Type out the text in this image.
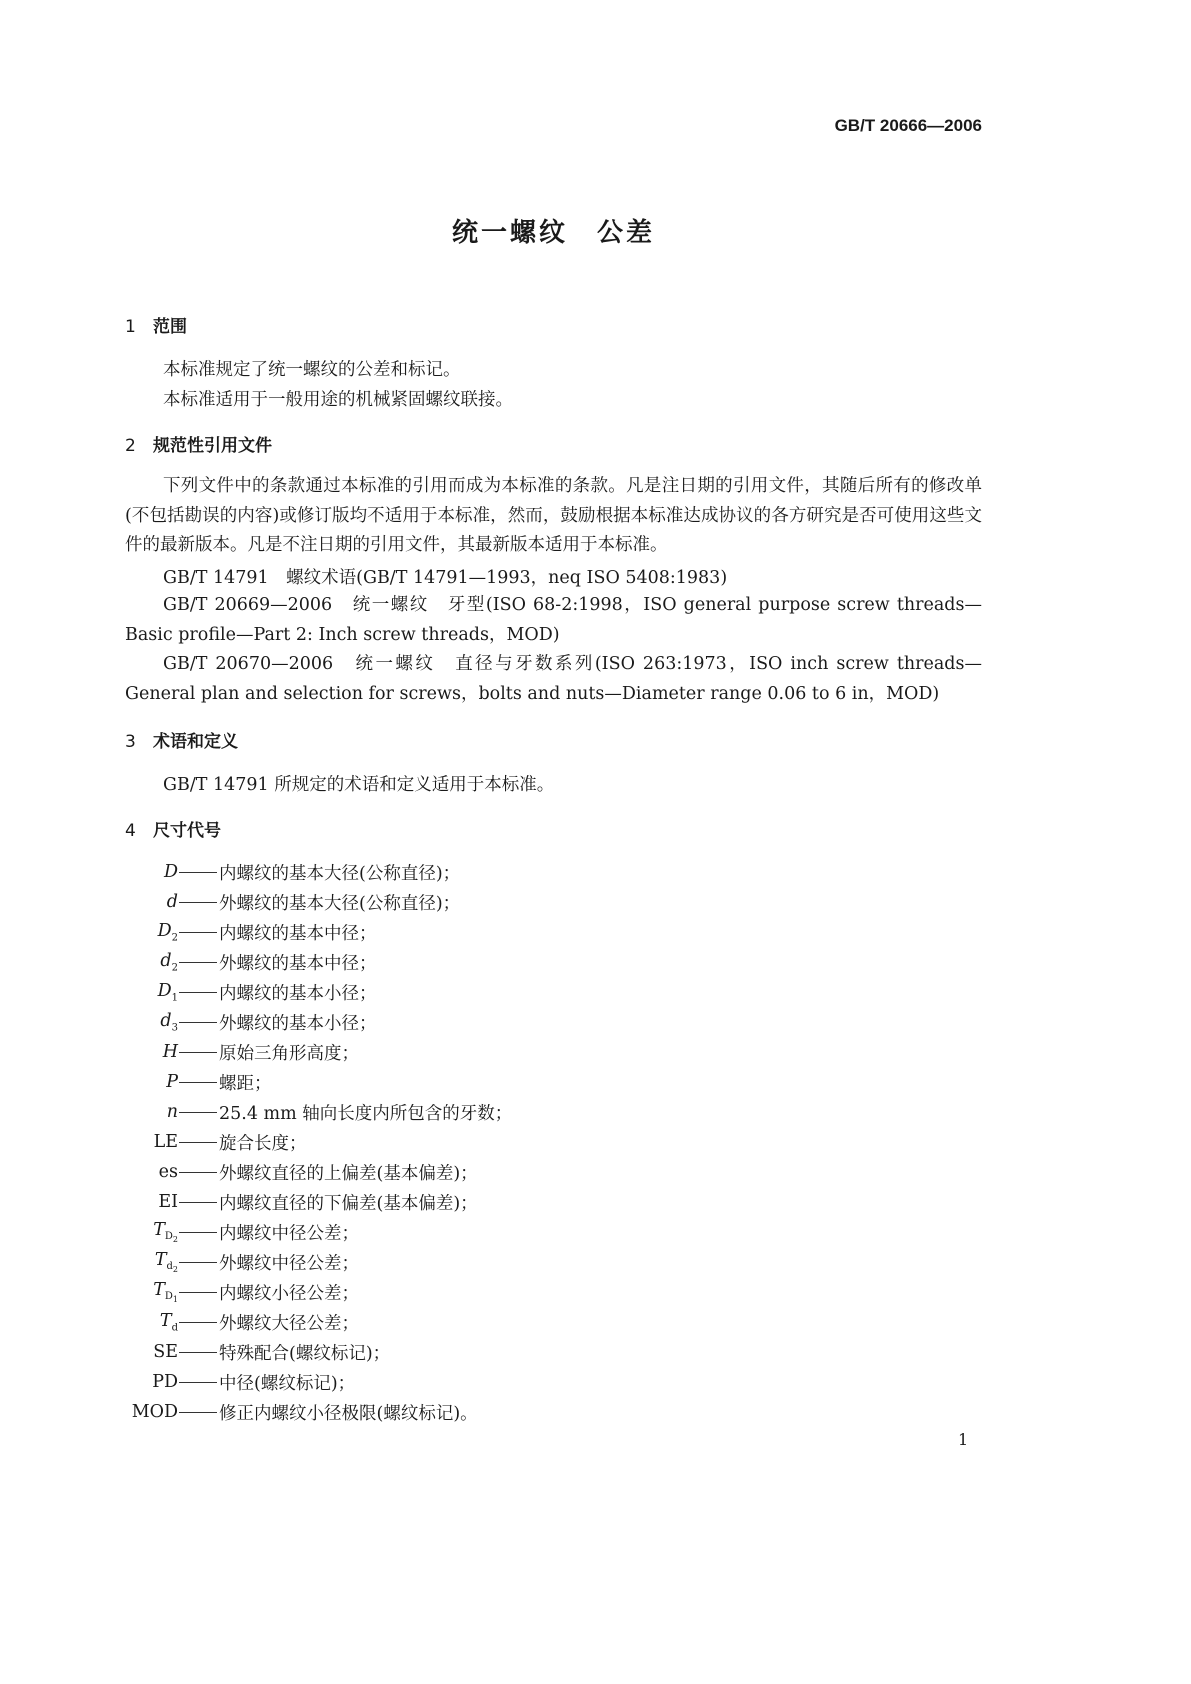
GB/T 20666—2006
统一螺纹　公差
1 范围
本标准规定了统一螺纹的公差和标记。
本标准适用于一般用途的机械紧固螺纹联接。
2 规范性引用文件
下列文件中的条款通过本标准的引用而成为本标准的条款。凡是注日期的引用文件，其随后所有的修改单(不包括勘误的内容)或修订版均不适用于本标准，然而，鼓励根据本标准达成协议的各方研究是否可使用这些文件的最新版本。凡是不注日期的引用文件，其最新版本适用于本标准。
GB/T 14791　螺纹术语(GB/T 14791—1993，neq ISO 5408:1983)
GB/T 20669—2006　统一螺纹　牙型(ISO 68-2:1998，ISO general purpose screw threads—Basic profile—Part 2: Inch screw threads，MOD)
GB/T 20670—2006　统一螺纹　直径与牙数系列(ISO 263:1973，ISO inch screw threads—General plan and selection for screws，bolts and nuts—Diameter range 0.06 to 6 in，MOD)
3 术语和定义
GB/T 14791 所规定的术语和定义适用于本标准。
4 尺寸代号
D 内螺纹的基本大径(公称直径)；
d 外螺纹的基本大径(公称直径)；
$D_2$ 内螺纹的基本中径；
$d_2$ 外螺纹的基本中径；
$D_1$ 内螺纹的基本小径；
$d_3$ 外螺纹的基本小径；
H 原始三角形高度；
P 螺距；
n 25.4 mm 轴向长度内所包含的牙数；
LE 旋合长度；
es 外螺纹直径的上偏差(基本偏差)；
EI 内螺纹直径的下偏差(基本偏差)；
$T_{D_2}$ 内螺纹中径公差；
$T_{d_2}$ 外螺纹中径公差；
$T_{D_1}$ 内螺纹小径公差；
$T_d$ 外螺纹大径公差；
SE 特殊配合(螺纹标记)；
PD 中径(螺纹标记)；
MOD 修正内螺纹小径极限(螺纹标记)。
1
